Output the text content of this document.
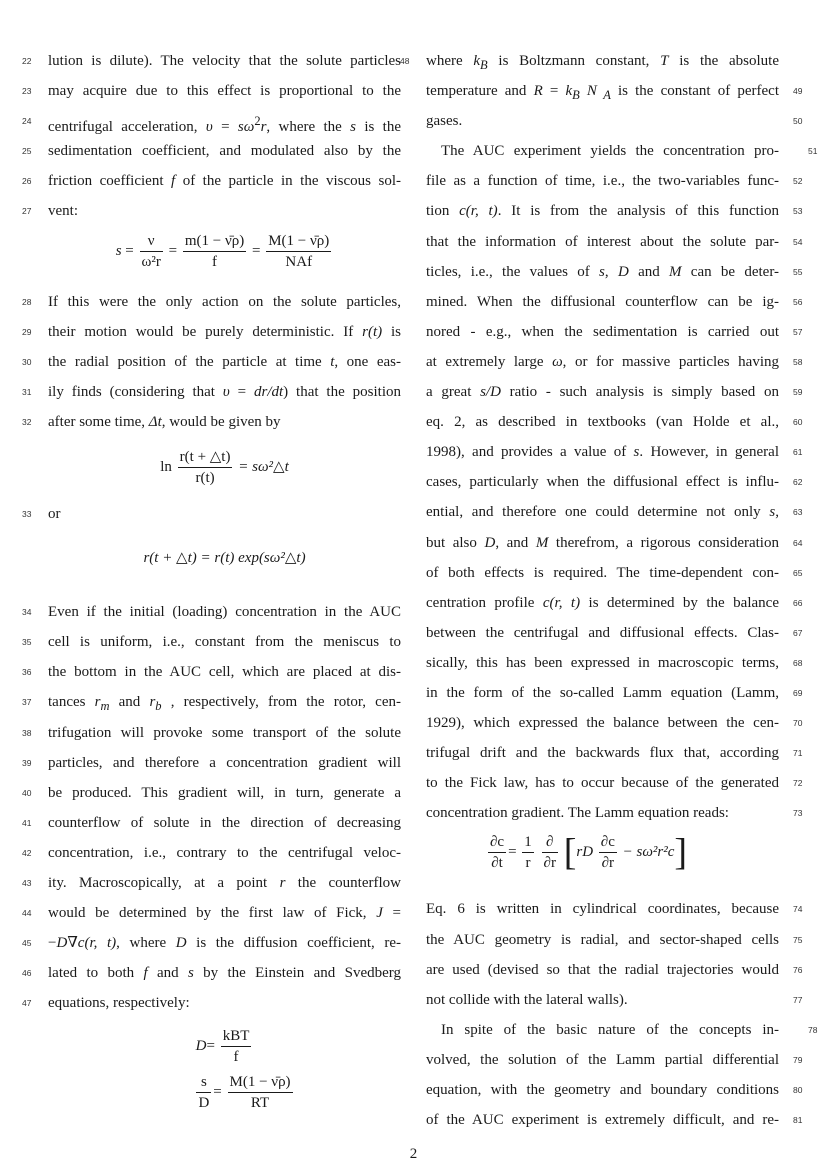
22 lution is dilute). The velocity that the solute particles
23 may acquire due to this effect is proportional to the
24 centrifugal acceleration, $\upsilon = s\omega^2r$, where the s is the
25 sedimentation coefficient, and modulated also by the
26 friction coefficient f of the particle in the viscous sol-
27 vent:
$s = \frac{\nu}{\text{ω²r}} = \frac{m(1 - \nū\rho)}{f} = \frac{M(1 - \nū\rho)}{\text{NAf}}$
28 If this were the only action on the solute particles,
29 their motion would be purely deterministic. If r(t) is
30 the radial position of the particle at time t, one eas-
31 ily finds (considering that υ = dr/dt) that the position
32 after some time, Δt, would be given by
$\ln \frac{r(t + \triangle t)}{r(t)}$ = sω²△t
33 or
r(t + △t) = r(t) exp(sω²△t)
34 Even if the initial (loading) concentration in the AUC
35 cell is uniform, i.e., constant from the meniscus to
36 the bottom in the AUC cell, which are placed at dis-
37 tances $r_m$ and $r_b$ , respectively, from the rotor, cen-
38 trifugation will provoke some transport of the solute
39 particles, and therefore a concentration gradient will
40 be produced. This gradient will, in turn, generate a
41 counterflow of solute in the direction of decreasing
42 concentration, i.e., contrary to the centrifugal veloc-
43 ity. Macroscopically, at a point r the counterflow
44 would be determined by the first law of Fick, J =
45 −D∇c(r, t), where D is the diffusion coefficient, re-
46 lated to both f and s by the Einstein and Svedberg
47 equations, respectively:
$D= \frac{\text{kBT}}{f}$
$\frac{s}{D} = \frac{M(1 - \nū\rho)}{RT}$
48 where $k_B$ is Boltzmann constant, T is the absolute
49
temperature and $R = k_B$ N $_A$ is the constant of perfect
50
gases.
51
The AUC experiment yields the concentration pro-
52
file as a function of time, i.e., the two-variables func-
53
tion c(r, t). It is from the analysis of this function
54
that the information of interest about the solute par-
55
ticles, i.e., the values of s, D and M can be deter-
56
mined. When the diffusional counterflow can be ig-
57
nored - e.g., when the sedimentation is carried out
58
at extremely large ω, or for massive particles having
59
a great s/D ratio - such analysis is simply based on
60
eq. 2, as described in textbooks (van Holde et al.,
61
1998), and provides a value of s. However, in general
62
cases, particularly when the diffusional effect is influ-
63
ential, and therefore one could determine not only s,
64
but also D, and M therefrom, a rigorous consideration
65
of both effects is required. The time-dependent con-
66
centration profile c(r, t) is determined by the balance
67
between the centrifugal and diffusional effects. Clas-
68
sically, this has been expressed in macroscopic terms,
69
in the form of the so-called Lamm equation (Lamm,
70
1929), which expressed the balance between the cen-
71
trifugal drift and the backwards flux that, according
72
to the Fick law, has to occur because of the generated
73
concentration gradient. The Lamm equation reads:
$\frac{\partial c}{\partial t} = \frac{1}{r}$
$\frac{\partial}{\partial r} [rD \frac{\partial c}{\partial r} - s\omega^2r^2c]$
74
Eq. 6 is written in cylindrical coordinates, because
75
the AUC geometry is radial, and sector-shaped cells
76
are used (devised so that the radial trajectories would
77
not collide with the lateral walls).
78
In spite of the basic nature of the concepts in-
79
volved, the solution of the Lamm partial differential
80
equation, with the geometry and boundary conditions
81
of the AUC experiment is extremely difficult, and re-
2
